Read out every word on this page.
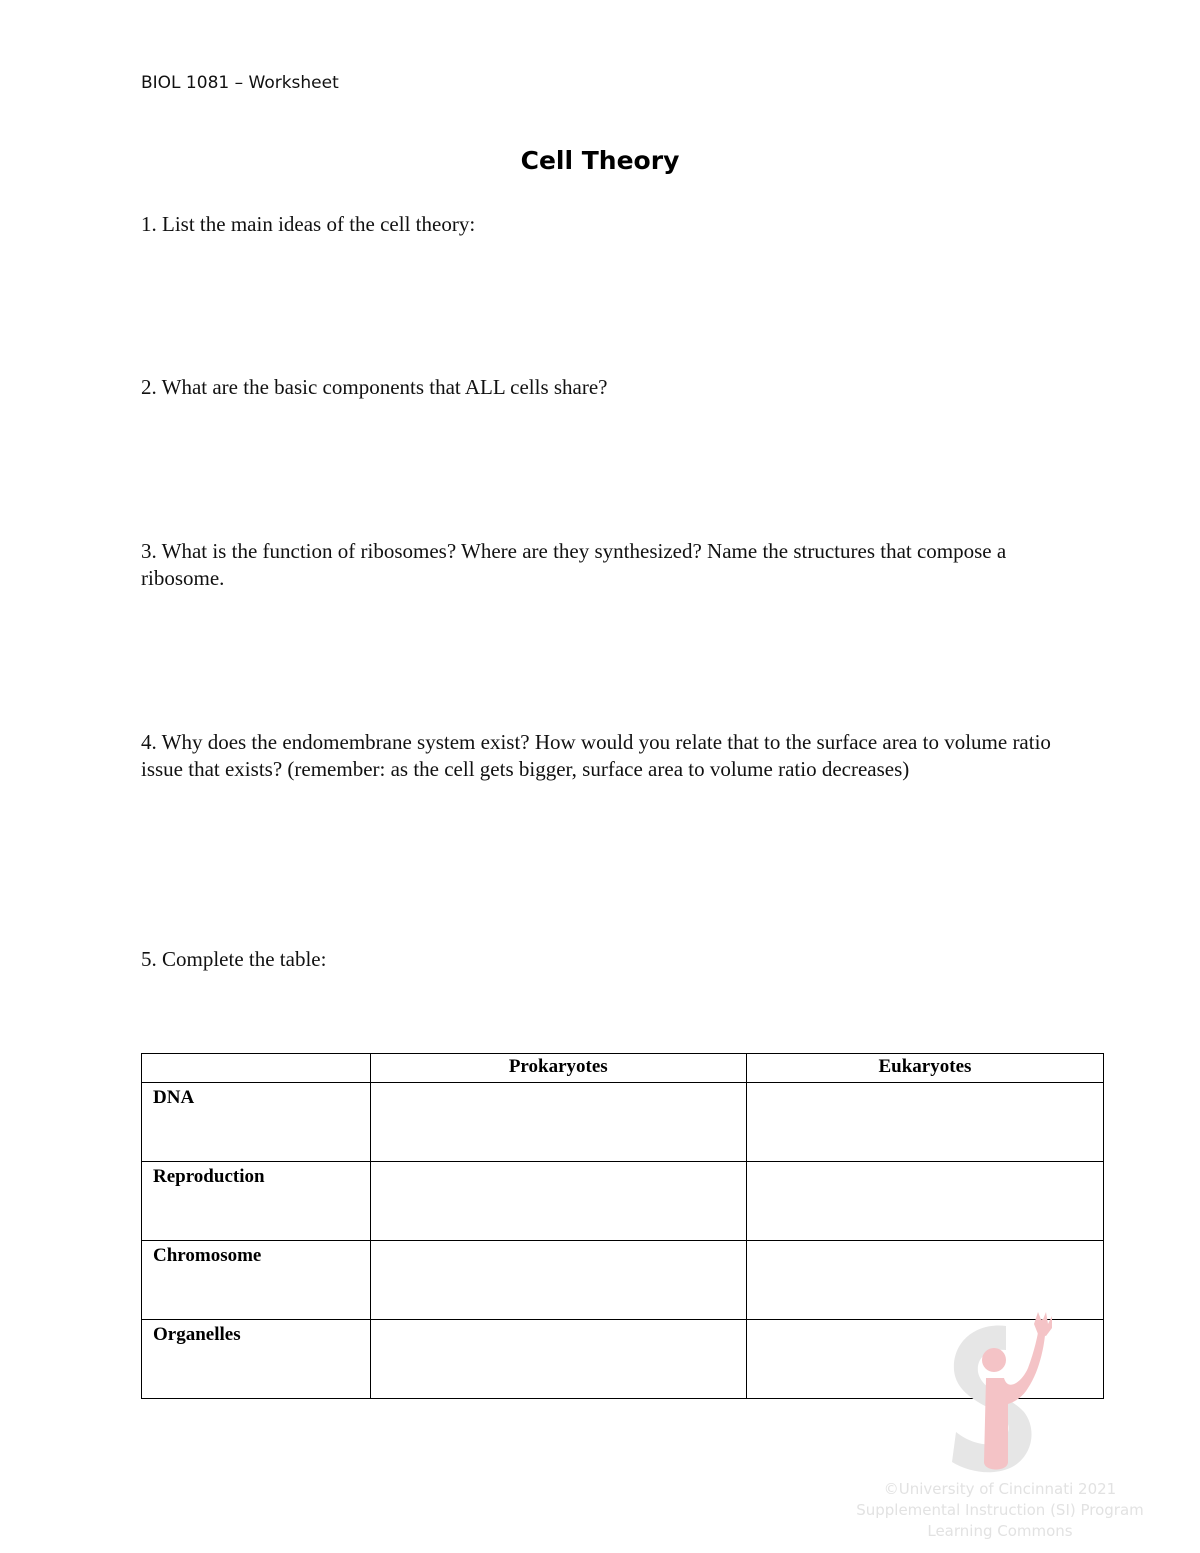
BIOL 1081 – Worksheet
Cell Theory
1. List the main ideas of the cell theory:
2. What are the basic components that ALL cells share?
3. What is the function of ribosomes? Where are they synthesized? Name the structures that compose a ribosome.
4. Why does the endomembrane system exist? How would you relate that to the surface area to volume ratio issue that exists? (remember: as the cell gets bigger, surface area to volume ratio decreases)
5. Complete the table:
	Prokaryotes	Eukaryotes
DNA		
Reproduction		
Chromosome		
Organelles		
©University of Cincinnati 2021
Supplemental Instruction (SI) Program
Learning Commons
